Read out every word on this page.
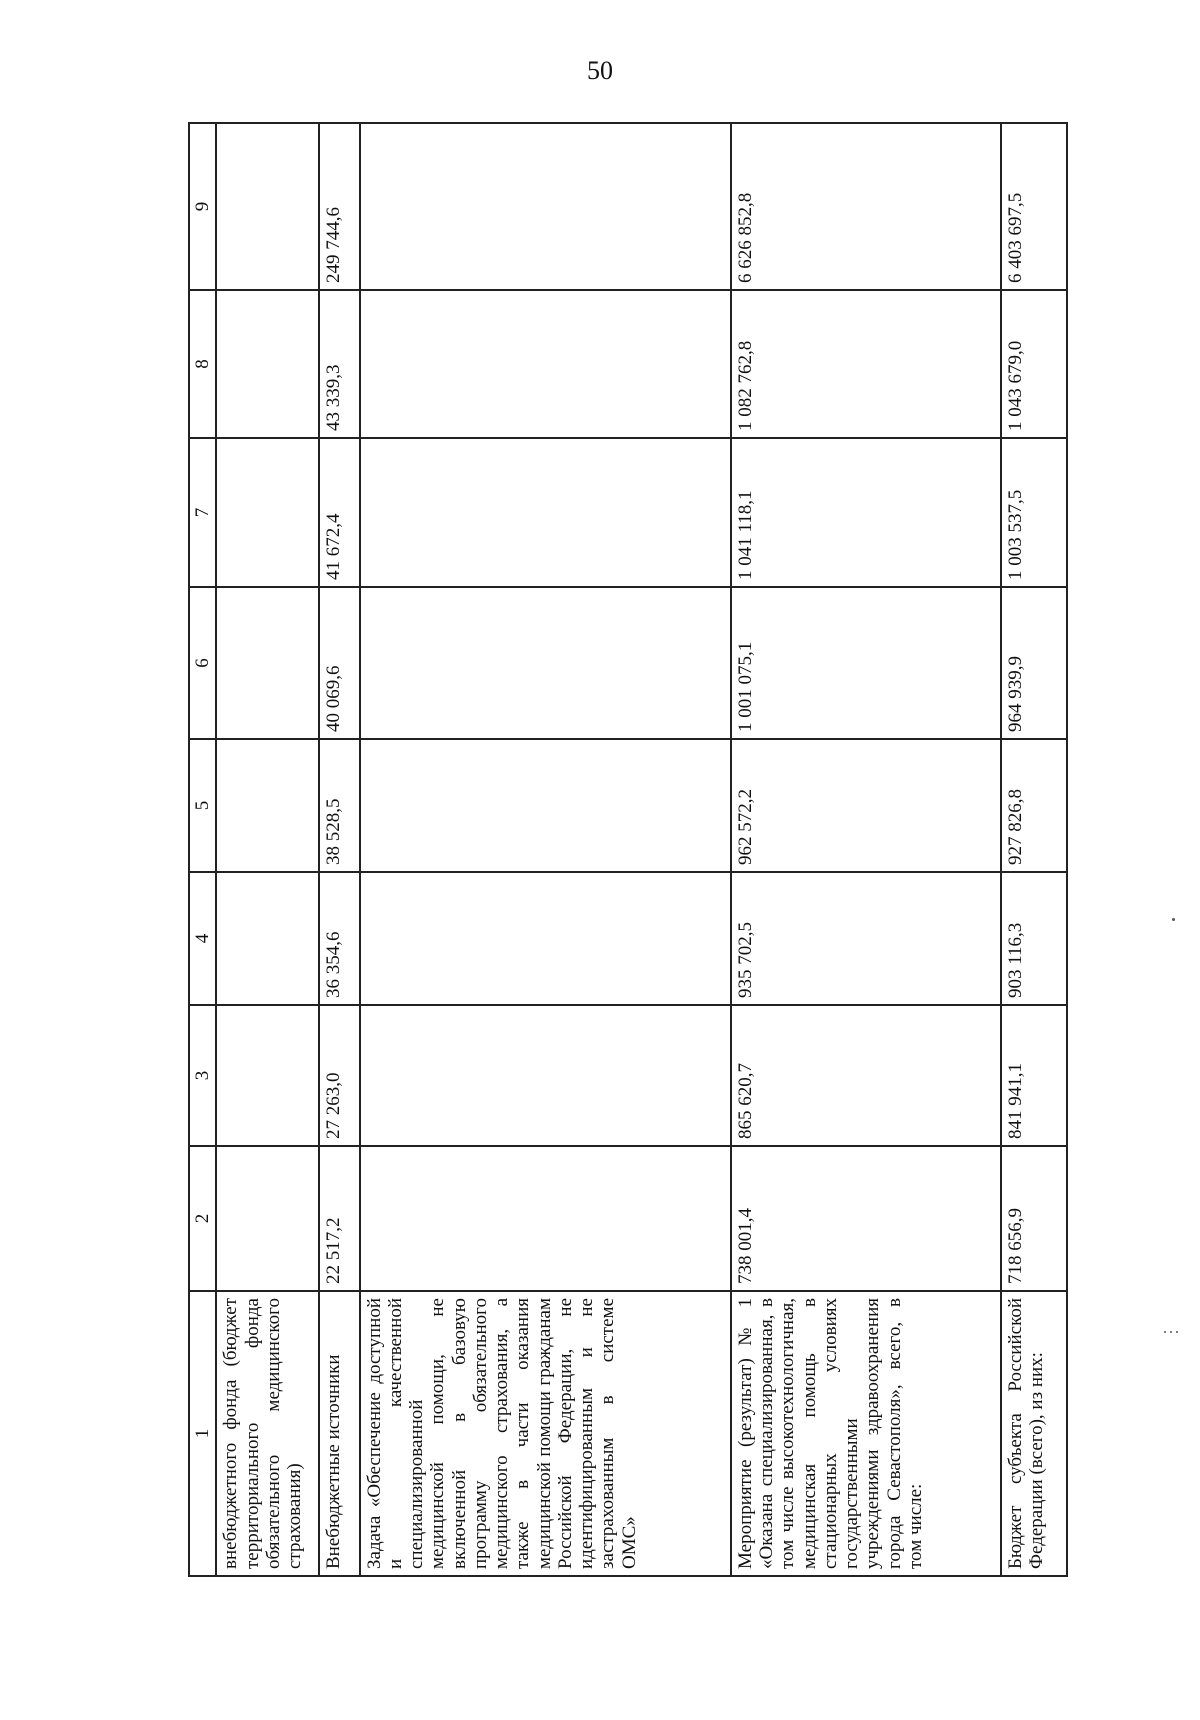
50
1	2	3	4	5	6	7	8	9
внебюджетного фонда (бюджет территориального фонда обязательного медицинского страхования)								
Внебюджетные источники	22 517,2	27 263,0	36 354,6	38 528,5	40 069,6	41 672,4	43 339,3	249 744,6
Задача «Обеспечение доступной и качественной специализированной медицинской помощи, не включенной в базовую программу обязательного медицинского страхования, а также в части оказания медицинской помощи гражданам Российской Федерации, не идентифицированным и не застрахованным в системе ОМС»								
Мероприятие (результат) № 1 «Оказана специализированная, в том числе высокотехнологичная, медицинская помощь в стационарных условиях государственными учреждениями здравоохранения города Севастополя», всего, в том числе:	738 001,4	865 620,7	935 702,5	962 572,2	1 001 075,1	1 041 118,1	1 082 762,8	6 626 852,8
Бюджет субъекта Российской Федерации (всего), из них:	718 656,9	841 941,1	903 116,3	927 826,8	964 939,9	1 003 537,5	1 043 679,0	6 403 697,5
